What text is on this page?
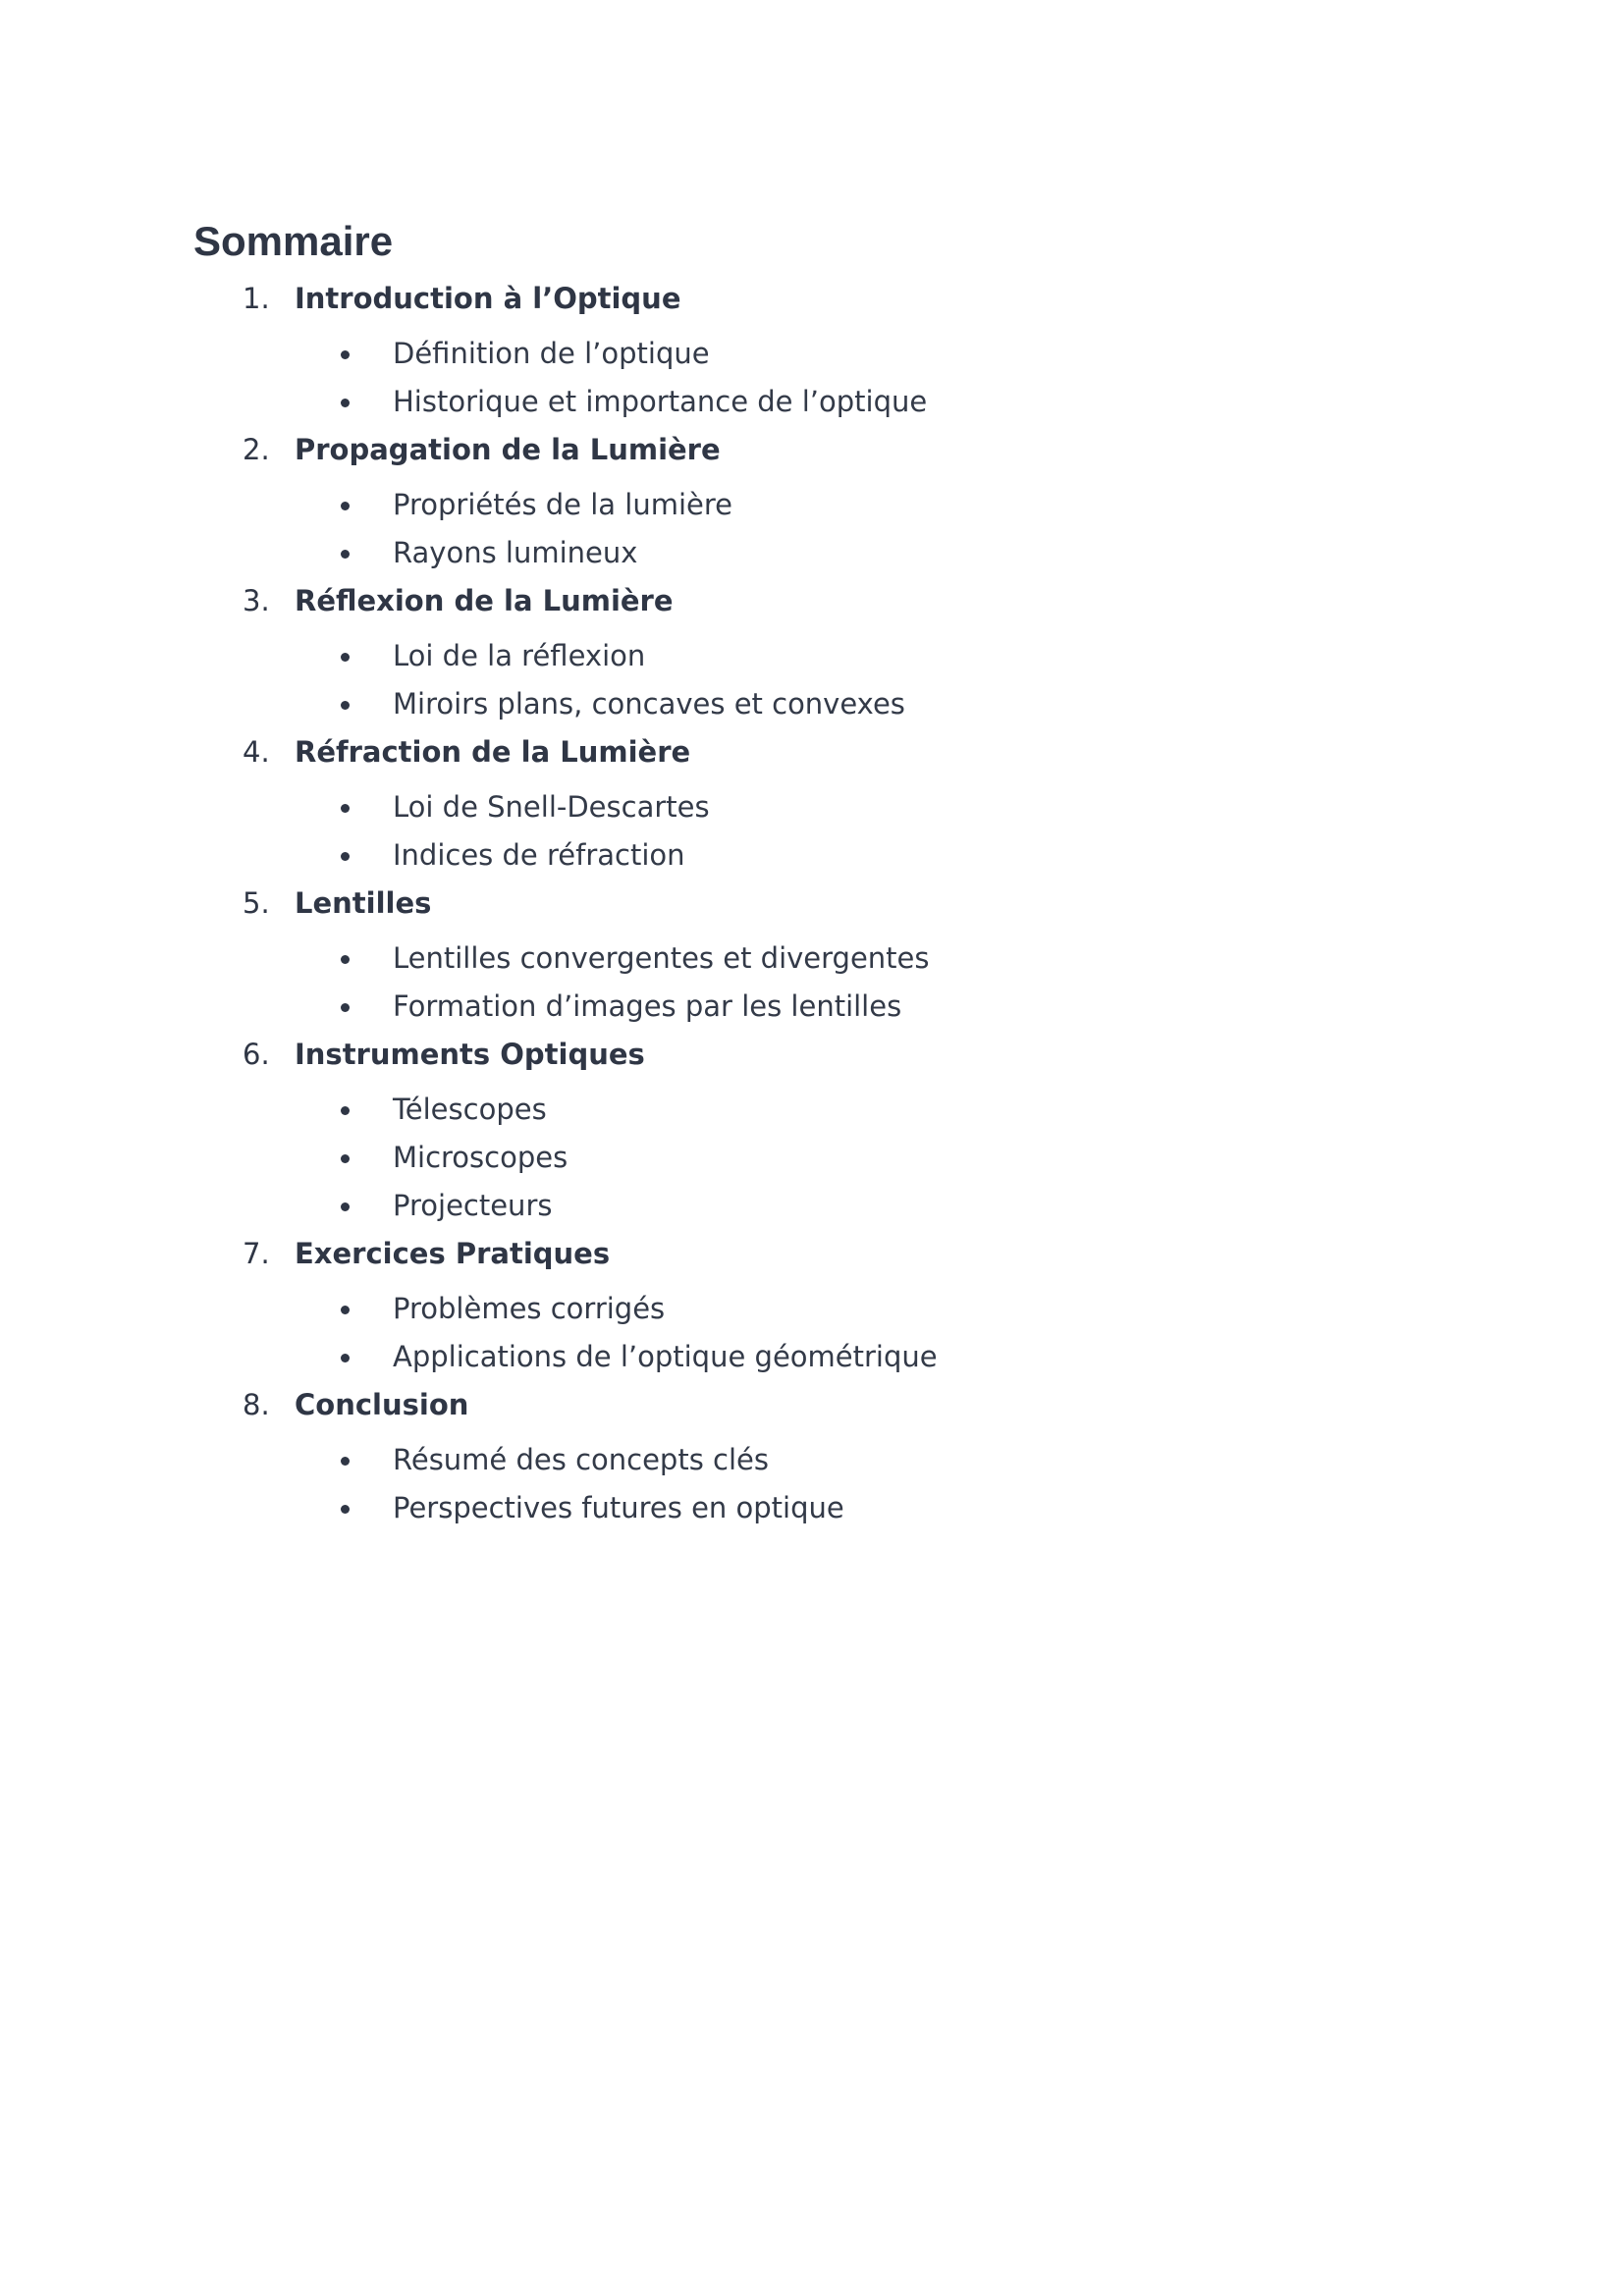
Sommaire
1. Introduction à l’Optique
Définition de l’optique
Historique et importance de l’optique
2. Propagation de la Lumière
Propriétés de la lumière
Rayons lumineux
3. Réflexion de la Lumière
Loi de la réflexion
Miroirs plans, concaves et convexes
4. Réfraction de la Lumière
Loi de Snell-Descartes
Indices de réfraction
5. Lentilles
Lentilles convergentes et divergentes
Formation d’images par les lentilles
6. Instruments Optiques
Télescopes
Microscopes
Projecteurs
7. Exercices Pratiques
Problèmes corrigés
Applications de l’optique géométrique
8. Conclusion
Résumé des concepts clés
Perspectives futures en optique
